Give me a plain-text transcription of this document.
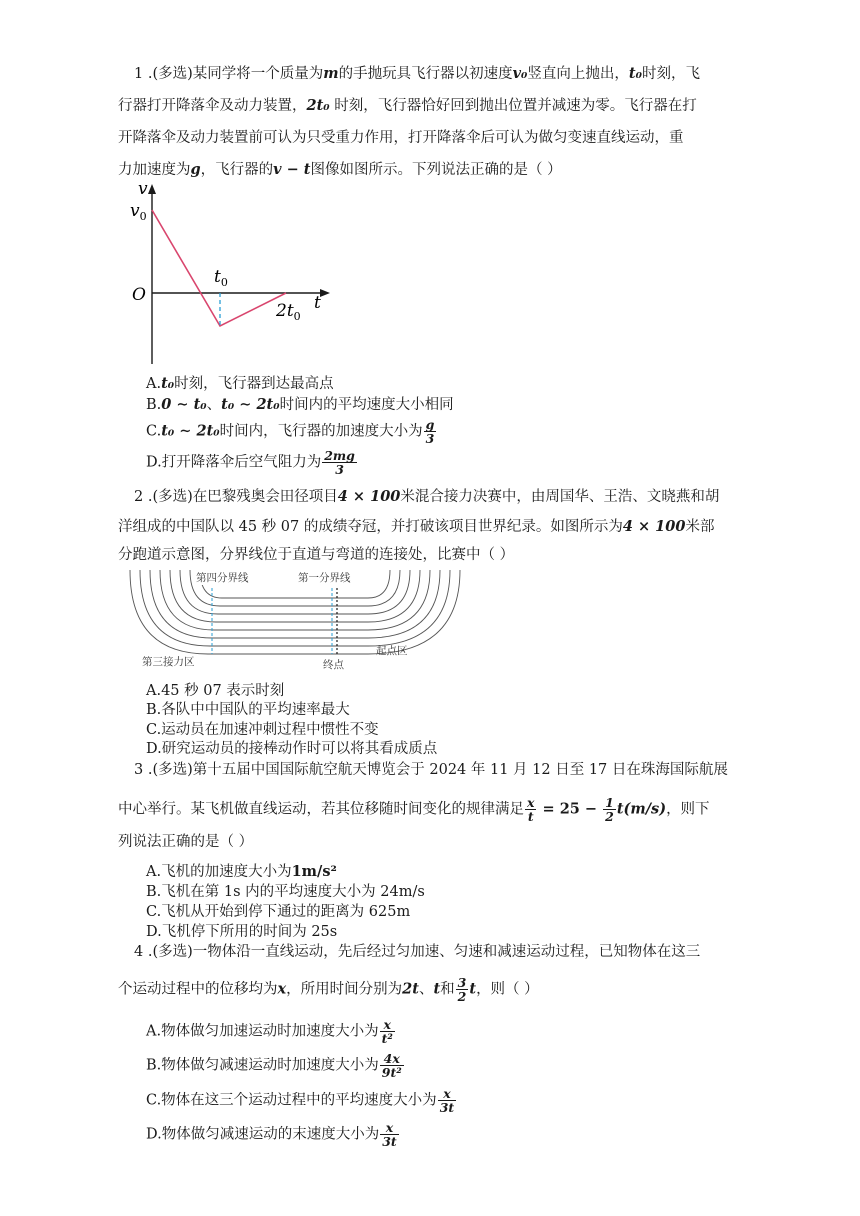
1 .(多选)某同学将一个质量为m的手抛玩具飞行器以初速度v₀竖直向上抛出，t₀时刻，飞
行器打开降落伞及动力装置，2t₀ 时刻，飞行器恰好回到抛出位置并减速为零。飞行器在打
开降落伞及动力装置前可认为只受重力作用，打开降落伞后可认为做匀变速直线运动，重
力加速度为g，飞行器的v − t图像如图所示。下列说法正确的是（ ）
v
$v_0$
O
$t_0$
$2t_0$
t
A.t₀时刻，飞行器到达最高点
B.0 ∼ t₀、t₀ ∼ 2t₀时间内的平均速度大小相同
C.t₀ ∼ 2t₀时间内，飞行器的加速度大小为 $\frac{g}{3}$
D.打开降落伞后空气阻力为 $\frac{2mg}{3}$
2 .(多选)在巴黎残奥会田径项目4 × 100米混合接力决赛中，由周国华、王浩、文晓燕和胡
洋组成的中国队以 45 秒 07 的成绩夺冠，并打破该项目世界纪录。如图所示为4 × 100米部
分跑道示意图，分界线位于直道与弯道的连接处，比赛中（ ）
第四分界线	第一分界线
第三接力区	终点
起点区
A.45 秒 07 表示时刻
B.各队中中国队的平均速率最大
C.运动员在加速冲刺过程中惯性不变
D.研究运动员的接棒动作时可以将其看成质点
3 .(多选)第十五届中国国际航空航天博览会于 2024 年 11 月 12 日至 17 日在珠海国际航展
中心举行。某飞机做直线运动，若其位移随时间变化的规律满足 $\frac{x}{t} = 25 - \frac{1}{2} t(m/s)$，则下
列说法正确的是（ ）
A.飞机的加速度大小为1m/s²
B.飞机在第 1s 内的平均速度大小为 24m/s
C.飞机从开始到停下通过的距离为 625m
D.飞机停下所用的时间为 25s
4 .(多选)一物体沿一直线运动，先后经过匀加速、匀速和减速运动过程，已知物体在这三
个运动过程中的位移均为x，所用时间分别为2t、t和 $\frac{3}{2}$ t，则（ ）
A.物体做匀加速运动时加速度大小为 $\frac{x}{\text{t²}}$
B.物体做匀减速运动时加速度大小为 $\frac{4x}{\text{9t²}}$
C.物体在这三个运动过程中的平均速度大小为 $\frac{x}{3t}$
D.物体做匀减速运动的末速度大小为 $\frac{x}{3t}$
